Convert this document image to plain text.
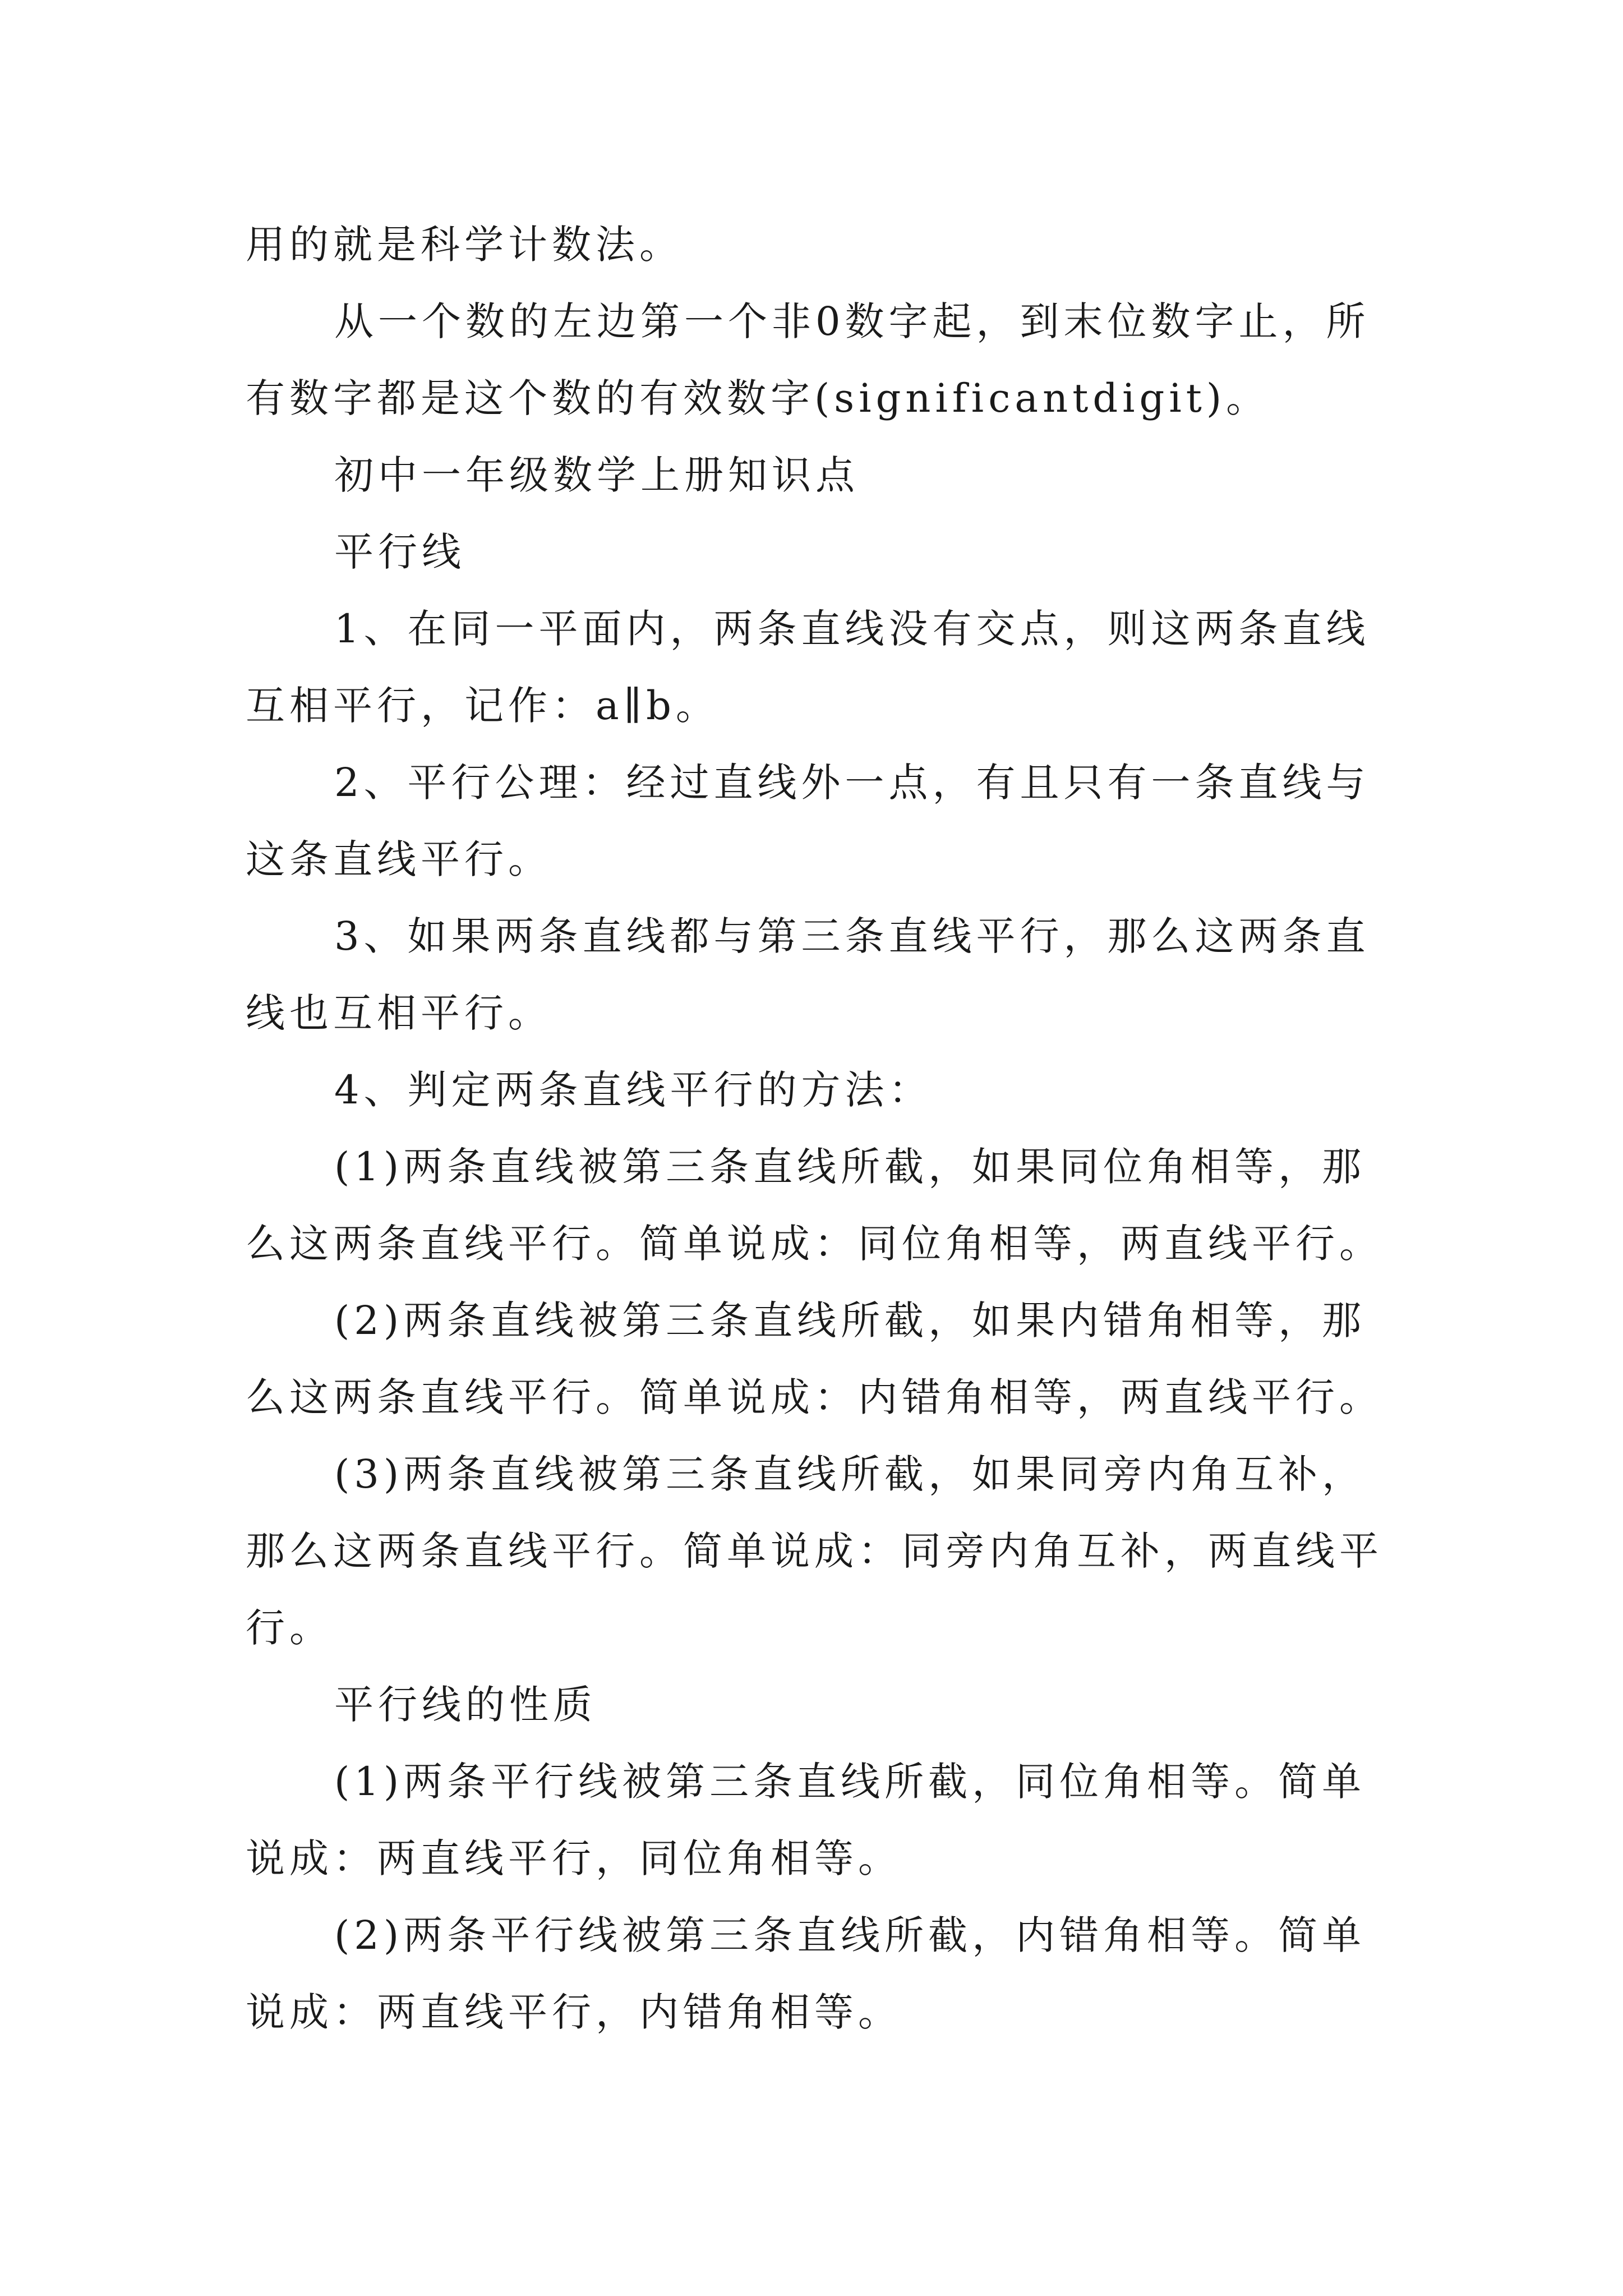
用的就是科学计数法。

从一个数的左边第一个非0数字起，到末位数字止，所有数字都是这个数的有效数字(significantdigit)。

初中一年级数学上册知识点

平行线

1、在同一平面内，两条直线没有交点，则这两条直线互相平行，记作：a∥b。

2、平行公理：经过直线外一点，有且只有一条直线与这条直线平行。

3、如果两条直线都与第三条直线平行，那么这两条直线也互相平行。

4、判定两条直线平行的方法：

(1)两条直线被第三条直线所截，如果同位角相等，那么这两条直线平行。简单说成：同位角相等，两直线平行。

(2)两条直线被第三条直线所截，如果内错角相等，那么这两条直线平行。简单说成：内错角相等，两直线平行。

(3)两条直线被第三条直线所截，如果同旁内角互补，那么这两条直线平行。简单说成：同旁内角互补，两直线平行。

平行线的性质

(1)两条平行线被第三条直线所截，同位角相等。简单说成：两直线平行，同位角相等。

(2)两条平行线被第三条直线所截，内错角相等。简单说成：两直线平行，内错角相等。
